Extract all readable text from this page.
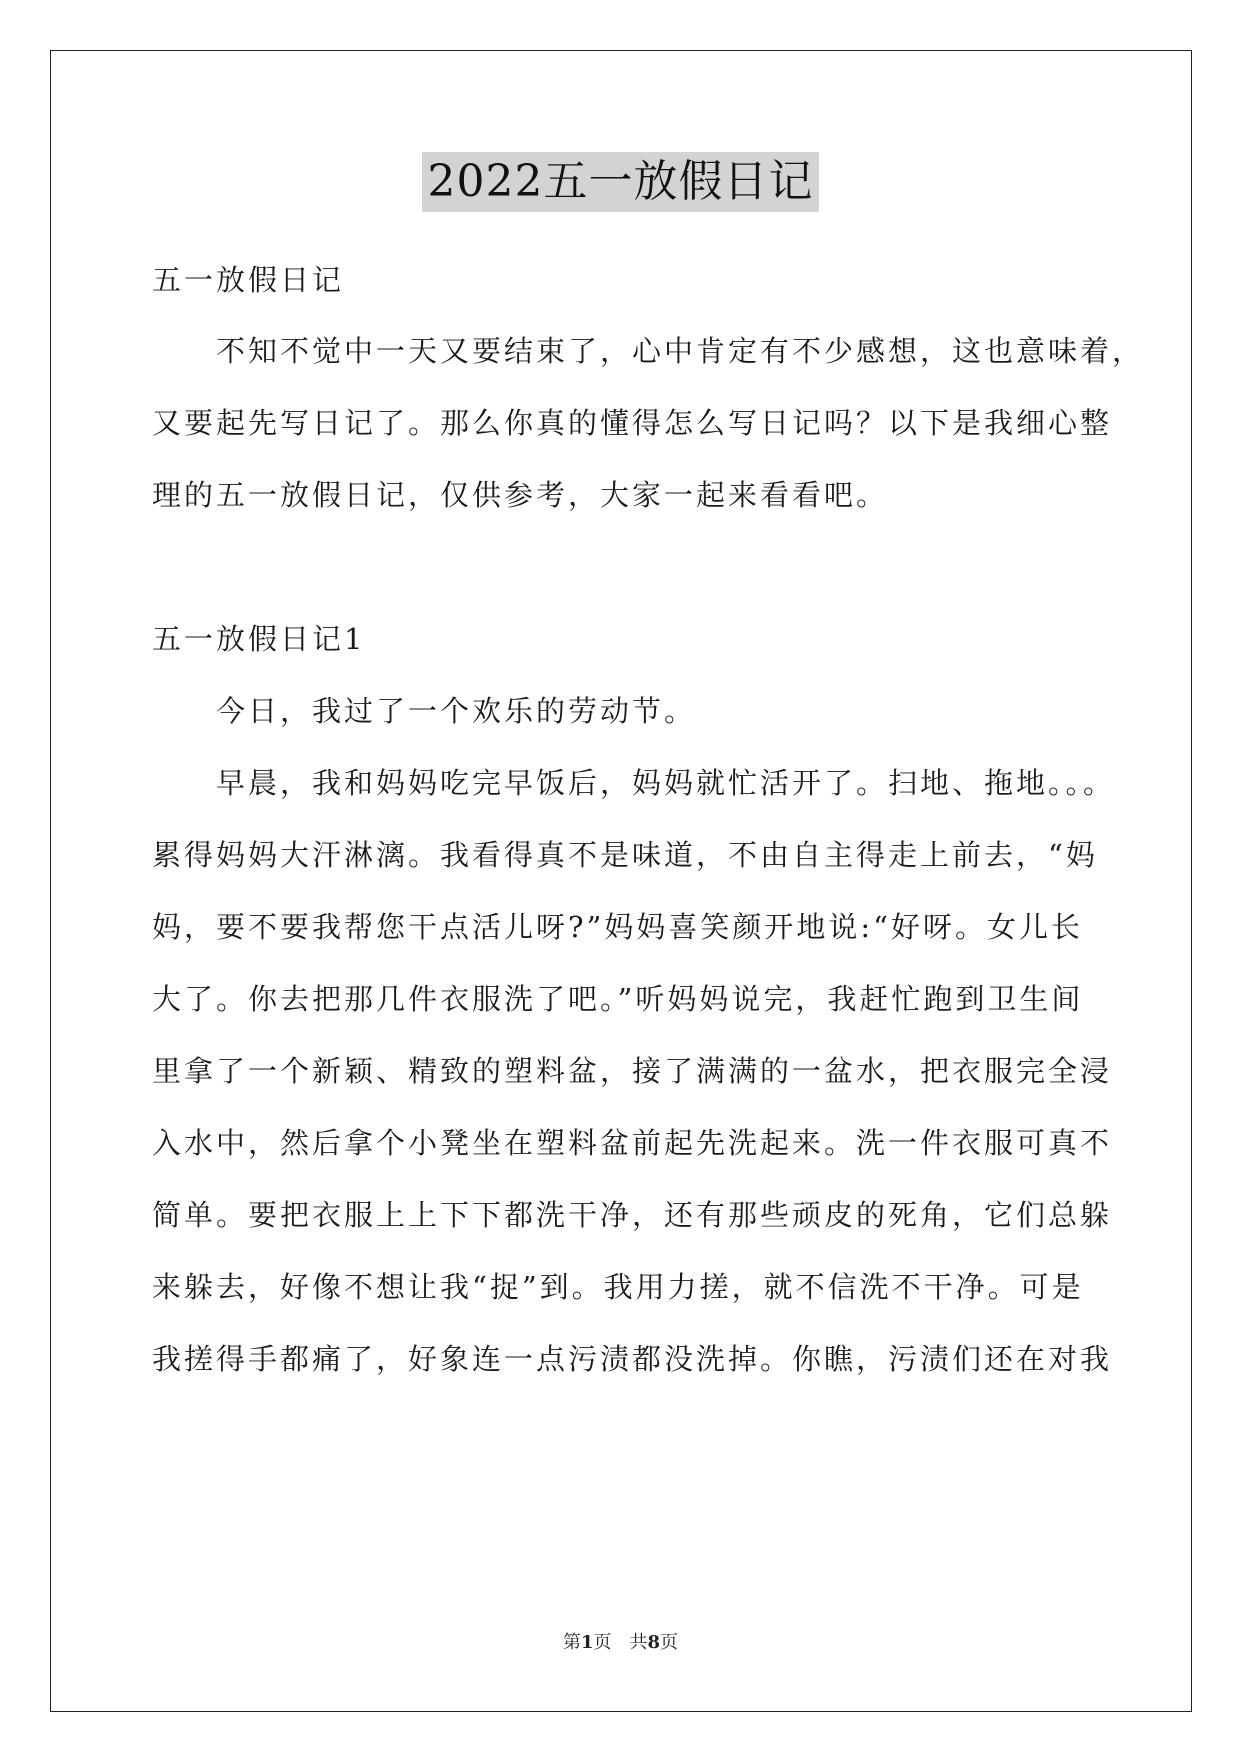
2022五一放假日记
五一放假日记
　　不知不觉中一天又要结束了，心中肯定有不少感想，这也意味着，
又要起先写日记了。那么你真的懂得怎么写日记吗？以下是我细心整
理的五一放假日记，仅供参考，大家一起来看看吧。
五一放假日记1
　　今日，我过了一个欢乐的劳动节。
　　早晨，我和妈妈吃完早饭后，妈妈就忙活开了。扫地、拖地。。。
累得妈妈大汗淋漓。我看得真不是味道，不由自主得走上前去，“妈
妈，要不要我帮您干点活儿呀?”妈妈喜笑颜开地说:“好呀。女儿长
大了。你去把那几件衣服洗了吧。”听妈妈说完，我赶忙跑到卫生间
里拿了一个新颖、精致的塑料盆，接了满满的一盆水，把衣服完全浸
入水中，然后拿个小凳坐在塑料盆前起先洗起来。洗一件衣服可真不
简单。要把衣服上上下下都洗干净，还有那些顽皮的死角，它们总躲
来躲去，好像不想让我“捉”到。我用力搓，就不信洗不干净。可是
我搓得手都痛了，好象连一点污渍都没洗掉。你瞧，污渍们还在对我
第1页　共8页
